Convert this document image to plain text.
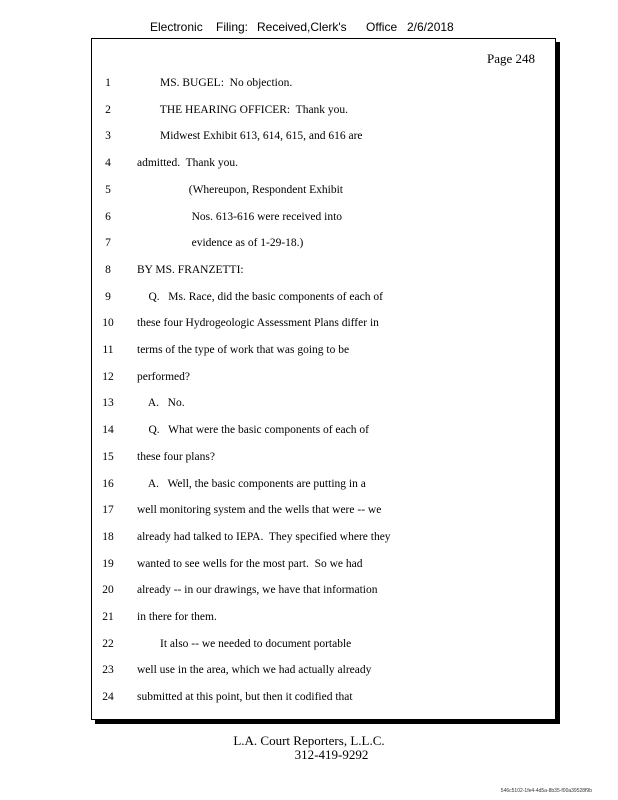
Electronic Filing: Received,Clerk's Office 2/6/2018
Page 248
1	MS. BUGEL:  No objection.
2	THE HEARING OFFICER:  Thank you.
3	Midwest Exhibit 613, 614, 615, and 616 are
4	admitted.  Thank you.
5	(Whereupon, Respondent Exhibit
6	Nos. 613-616 were received into
7	evidence as of 1-29-18.)
8	BY MS. FRANZETTI:
9	Q.   Ms. Race, did the basic components of each of
10	these four Hydrogeologic Assessment Plans differ in
11	terms of the type of work that was going to be
12	performed?
13	A.   No.
14	Q.   What were the basic components of each of
15	these four plans?
16	A.   Well, the basic components are putting in a
17	well monitoring system and the wells that were -- we
18	already had talked to IEPA.  They specified where they
19	wanted to see wells for the most part.  So we had
20	already -- in our drawings, we have that information
21	in there for them.
22	It also -- we needed to document portable
23	well use in the area, which we had actually already
24	submitted at this point, but then it codified that
L.A. Court Reporters, L.L.C.
312-419-9292
546c5102-1fe4-4d5a-8b35-f00a39528f9b
